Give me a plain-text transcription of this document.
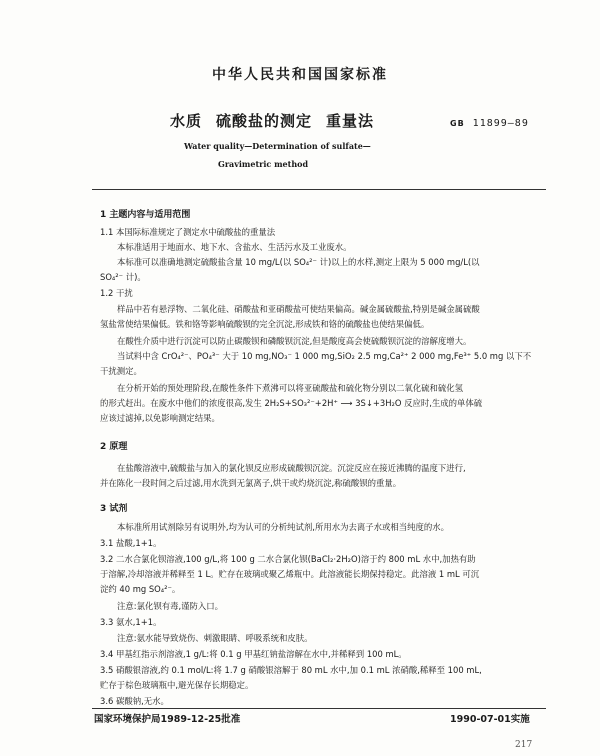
中华人民共和国国家标准
水质 硫酸盐的测定 重量法	GB 11899—89
Water quality—Determination of sulfate—
Gravimetric method
1 主题内容与适用范围
1.1 本国际标准规定了测定水中硫酸盐的重量法
本标准适用于地面水、地下水、含盐水、生活污水及工业废水。
本标准可以准确地测定硫酸盐含量 10 mg/L(以 SO₄²⁻ 计)以上的水样,测定上限为 5 000 mg/L(以
SO₄²⁻ 计)。
1.2 干扰
样品中若有悬浮物、二氧化硅、硝酸盐和亚硝酸盐可使结果偏高。碱金属硫酸盐,特别是碱金属硫酸
氢盐常使结果偏低。铁和铬等影响硫酸钡的完全沉淀,形成铁和铬的硫酸盐也使结果偏低。
在酸性介质中进行沉淀可以防止碳酸钡和磷酸钡沉淀,但是酸度高会使硫酸钡沉淀的溶解度增大。
当试料中含 CrO₄²⁻、PO₄³⁻ 大于 10 mg,NO₃⁻ 1 000 mg,SiO₂ 2.5 mg,Ca²⁺ 2 000 mg,Fe³⁺ 5.0 mg 以下不
干扰测定。
在分析开始的预处理阶段,在酸性条件下煮沸可以将亚硫酸盐和硫化物分别以二氧化硫和硫化氢
的形式赶出。在废水中他们的浓度很高,发生 2H₂S+SO₃²⁻+2H⁺ ⟶ 3S↓+3H₂O 反应时,生成的单体硫
应该过滤掉,以免影响测定结果。
2 原理
在盐酸溶液中,硫酸盐与加入的氯化钡反应形成硫酸钡沉淀。沉淀反应在接近沸腾的温度下进行,
并在陈化一段时间之后过滤,用水洗到无氯离子,烘干或灼烧沉淀,称硫酸钡的重量。
3 试剂
本标准所用试剂除另有说明外,均为认可的分析纯试剂,所用水为去离子水或相当纯度的水。
3.1 盐酸,1+1。
3.2 二水合氯化钡溶液,100 g/L,将 100 g 二水合氯化钡(BaCl₂·2H₂O)溶于约 800 mL 水中,加热有助
于溶解,冷却溶液并稀释至 1 L。贮存在玻璃或聚乙烯瓶中。此溶液能长期保持稳定。此溶液 1 mL 可沉
淀约 40 mg SO₄²⁻。
注意:氯化钡有毒,谨防入口。
3.3 氨水,1+1。
注意:氨水能导致烧伤、刺激眼睛、呼吸系统和皮肤。
3.4 甲基红指示剂溶液,1 g/L:将 0.1 g 甲基红钠盐溶解在水中,并稀释到 100 mL。
3.5 硝酸银溶液,约 0.1 mol/L:将 1.7 g 硝酸银溶解于 80 mL 水中,加 0.1 mL 浓硝酸,稀释至 100 mL,
贮存于棕色玻璃瓶中,避光保存长期稳定。
3.6 碳酸钠,无水。
国家环境保护局1989-12-25批准	1990-07-01实施
217
